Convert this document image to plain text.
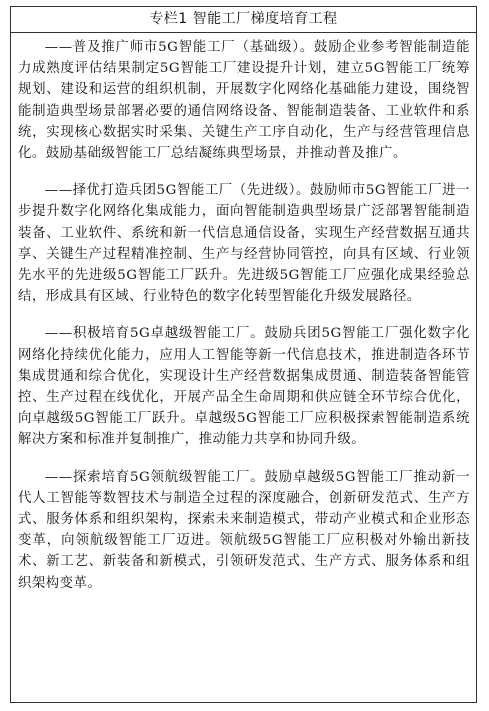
专栏1 智能工厂梯度培育工程

——普及推广师市5G智能工厂（基础级）。鼓励企业参考智能制造能力成熟度评估结果制定5G智能工厂建设提升计划，建立5G智能工厂统筹规划、建设和运营的组织机制，开展数字化网络化基础能力建设，围绕智能制造典型场景部署必要的通信网络设备、智能制造装备、工业软件和系统，实现核心数据实时采集、关键生产工序自动化，生产与经营管理信息化。鼓励基础级智能工厂总结凝练典型场景，并推动普及推广。

——择优打造兵团5G智能工厂（先进级）。鼓励师市5G智能工厂进一步提升数字化网络化集成能力，面向智能制造典型场景广泛部署智能制造装备、工业软件、系统和新一代信息通信设备，实现生产经营数据互通共享、关键生产过程精准控制、生产与经营协同管控，向具有区域、行业领先水平的先进级5G智能工厂跃升。先进级5G智能工厂应强化成果经验总结，形成具有区域、行业特色的数字化转型智能化升级发展路径。

——积极培育5G卓越级智能工厂。鼓励兵团5G智能工厂强化数字化网络化持续优化能力，应用人工智能等新一代信息技术，推进制造各环节集成贯通和综合优化，实现设计生产经营数据集成贯通、制造装备智能管控、生产过程在线优化，开展产品全生命周期和供应链全环节综合优化，向卓越级5G智能工厂跃升。卓越级5G智能工厂应积极探索智能制造系统解决方案和标准并复制推广，推动能力共享和协同升级。

——探索培育5G领航级智能工厂。鼓励卓越级5G智能工厂推动新一代人工智能等数智技术与制造全过程的深度融合，创新研发范式、生产方式、服务体系和组织架构，探索未来制造模式，带动产业模式和企业形态变革，向领航级智能工厂迈进。领航级5G智能工厂应积极对外输出新技术、新工艺、新装备和新模式，引领研发范式、生产方式、服务体系和组织架构变革。
